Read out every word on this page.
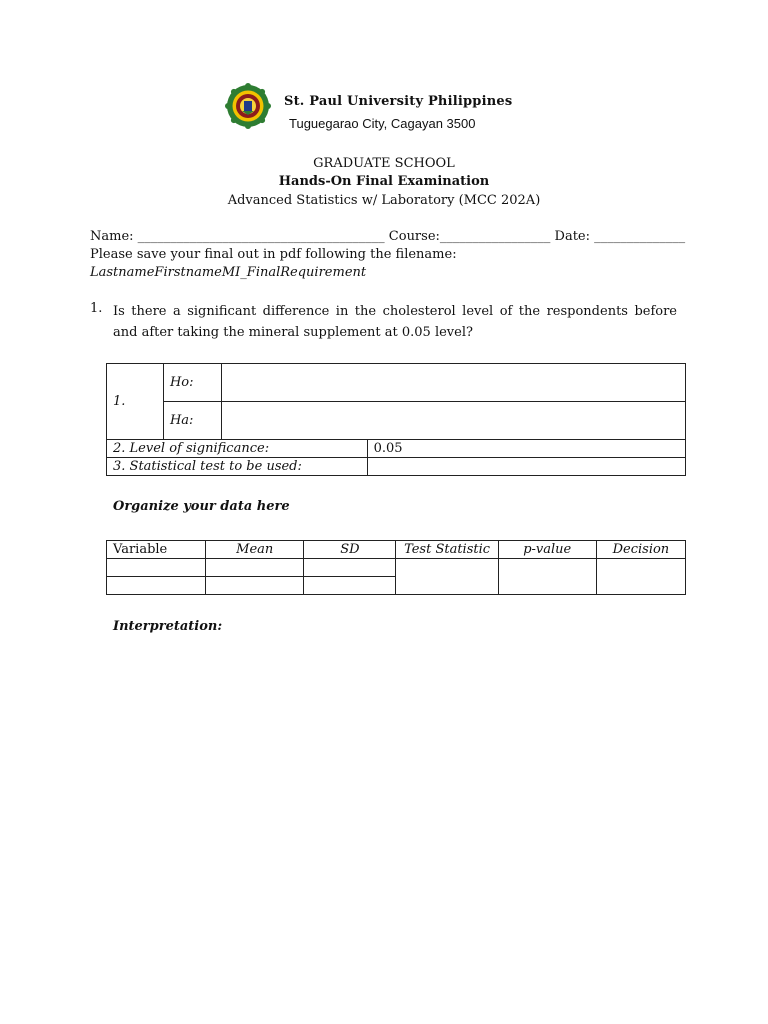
St. Paul University Philippines
Tuguegarao City, Cagayan 3500
GRADUATE SCHOOL
Hands-On Final Examination
Advanced Statistics w/ Laboratory (MCC 202A)
Name: ______________________________________ Course:_________________ Date: ______________
Please save your final out in pdf following the filename:
LastnameFirstnameMI_FinalRequirement
1. Is there a significant difference in the cholesterol level of the respondents before and after taking the mineral supplement at 0.05 level?
1.	Ho:		
	Ha:		
2. Level of significance:			0.05
3. Statistical test to be used:			
Organize your data here
Variable	Mean	SD	Test Statistic	p-value	Decision

Interpretation:
